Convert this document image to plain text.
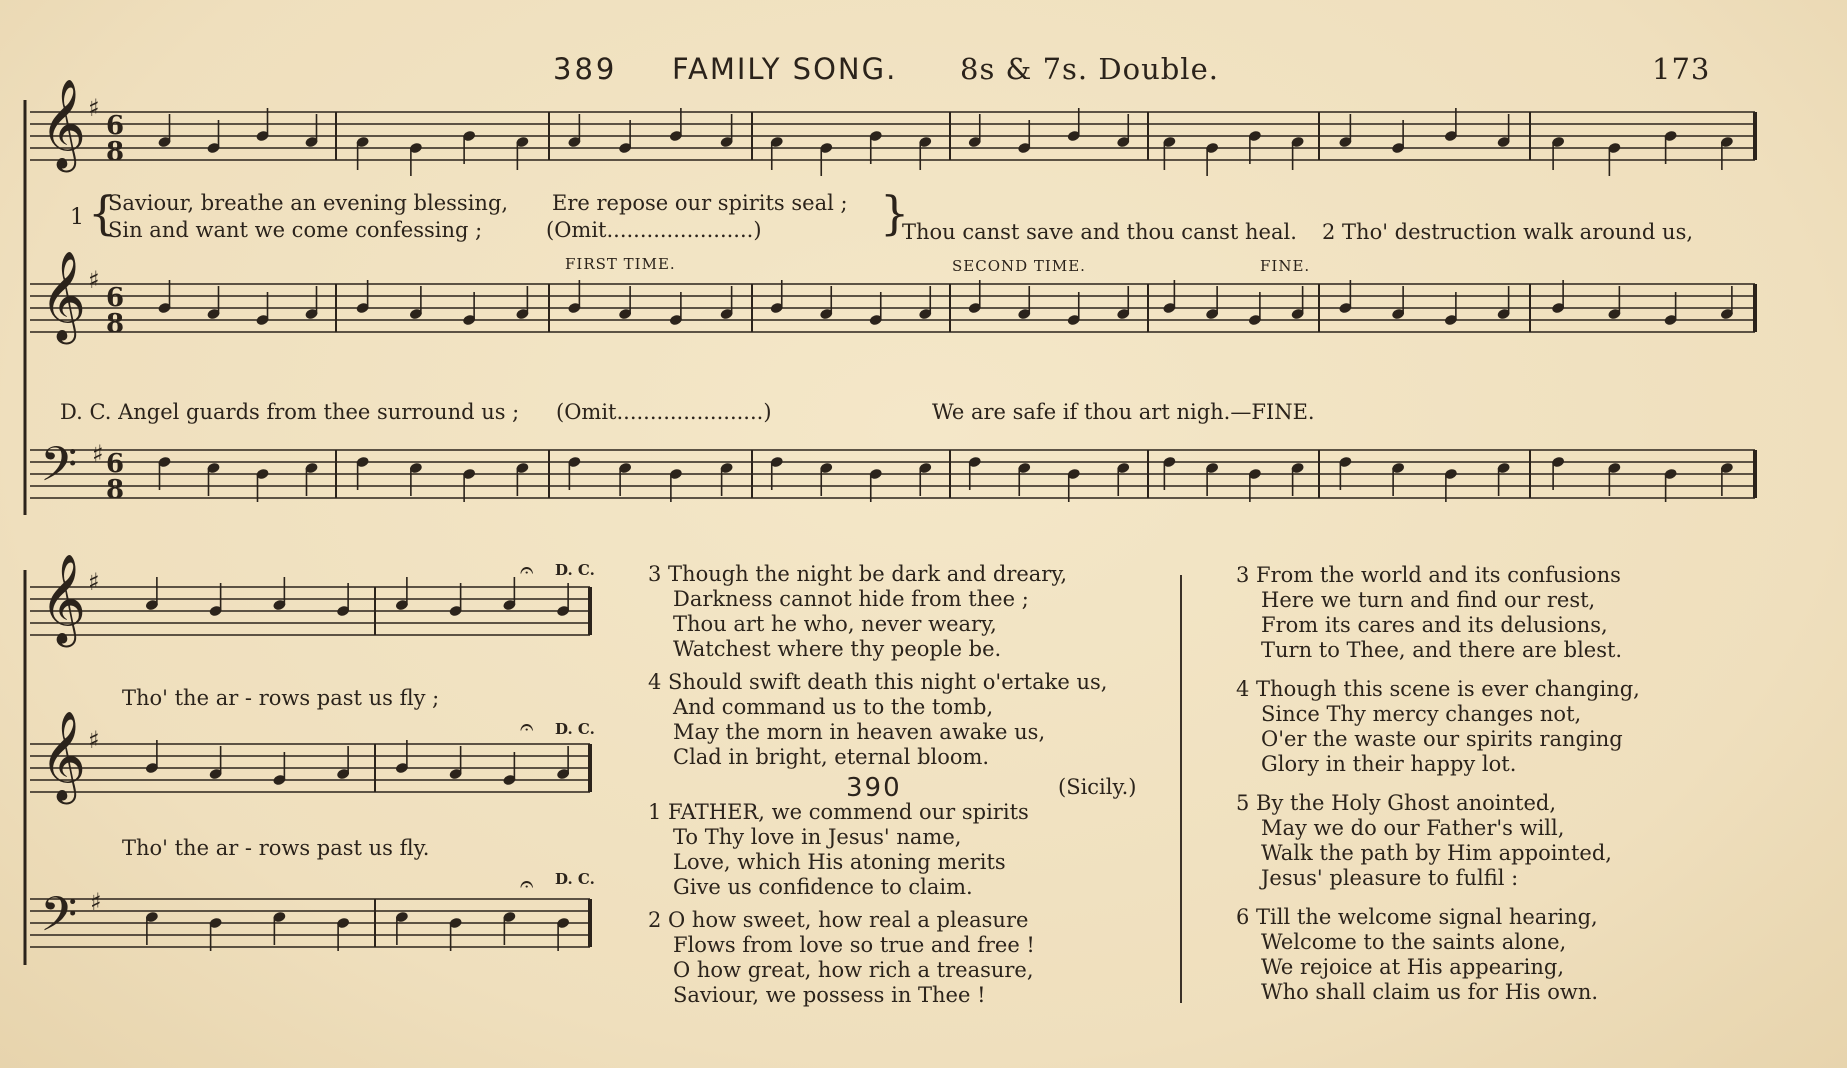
389 FAMILY SONG. 8s & 7s. Double.	173
𝄞
𝄞
𝄢
6
8
6
8
6
8
♯
♯
♯
𝄞
𝄞
𝄢
♯
♯
♯
𝄐
𝄐
𝄐
1 {
Saviour, breathe an evening blessing, Ere repose our spirits seal ;
Sin and want we come confessing ;	(Omit......................)	}
Thou canst save and thou canst heal. 2 Tho' destruction walk around us,
FIRST TIME.	SECOND TIME.	FINE.
D. C. Angel guards from thee surround us ; (Omit......................)	We are safe if thou art nigh.—FINE.
Tho' the ar - rows past us fly ;
Tho' the ar - rows past us fly.
D. C.
D. C.
D. C.
3 Though the night be dark and dreary,
Darkness cannot hide from thee ;
Thou art he who, never weary,
Watchest where thy people be.
4 Should swift death this night o'ertake us,
And command us to the tomb,
May the morn in heaven awake us,
Clad in bright, eternal bloom.
390	(Sicily.)
1 FATHER, we commend our spirits
To Thy love in Jesus' name,
Love, which His atoning merits
Give us confidence to claim.
2 O how sweet, how real a pleasure
Flows from love so true and free !
O how great, how rich a treasure,
Saviour, we possess in Thee !
3 From the world and its confusions
Here we turn and find our rest,
From its cares and its delusions,
Turn to Thee, and there are blest.
4 Though this scene is ever changing,
Since Thy mercy changes not,
O'er the waste our spirits ranging
Glory in their happy lot.
5 By the Holy Ghost anointed,
May we do our Father's will,
Walk the path by Him appointed,
Jesus' pleasure to fulfil :
6 Till the welcome signal hearing,
Welcome to the saints alone,
We rejoice at His appearing,
Who shall claim us for His own.
